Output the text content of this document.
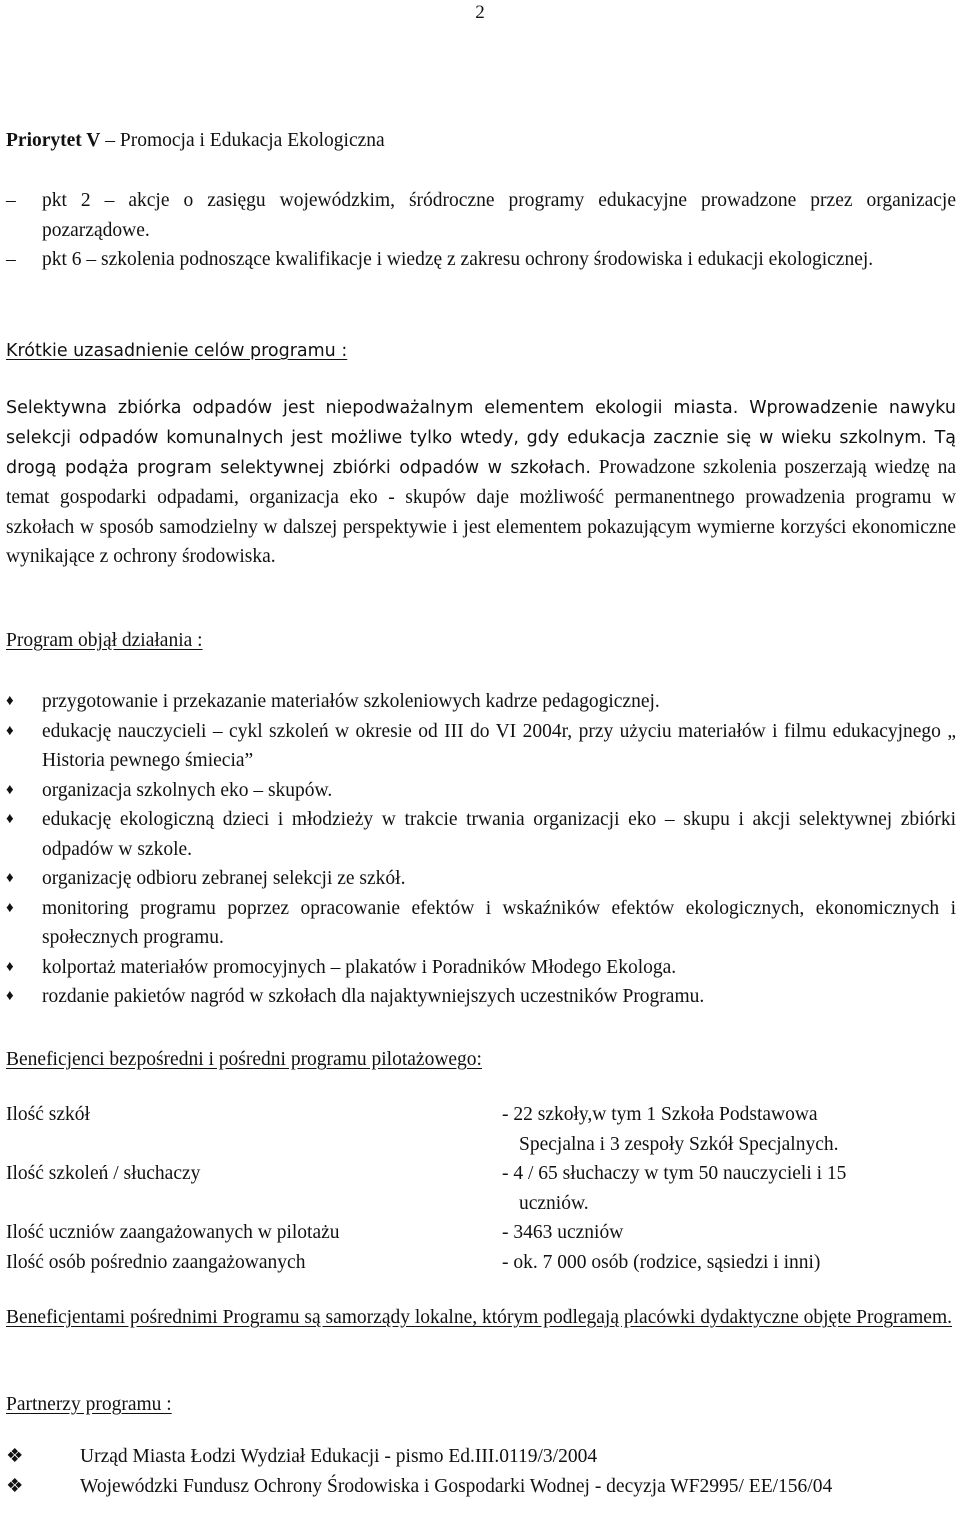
2
Priorytet V – Promocja i Edukacja Ekologiczna
– pkt 2 – akcje o zasięgu wojewódzkim, śródroczne programy edukacyjne prowadzone przez organizacje pozarządowe.
– pkt 6 – szkolenia podnoszące kwalifikacje i wiedzę z zakresu ochrony środowiska i edukacji ekologicznej.
Krótkie uzasadnienie celów programu :

Selektywna zbiórka odpadów jest niepodważalnym elementem ekologii miasta. Wprowadzenie nawyku selekcji odpadów komunalnych jest możliwe tylko wtedy, gdy edukacja zacznie się w wieku szkolnym. Tą drogą podąża program selektywnej zbiórki odpadów w szkołach. Prowadzone szkolenia poszerzają wiedzę na temat gospodarki odpadami, organizacja eko - skupów daje możliwość permanentnego prowadzenia programu w szkołach w sposób samodzielny w dalszej perspektywie i jest elementem pokazującym wymierne korzyści ekonomiczne wynikające z ochrony środowiska.

Program objął działania :
♦ przygotowanie i przekazanie materiałów szkoleniowych kadrze pedagogicznej.
♦ edukację nauczycieli – cykl szkoleń w okresie od III do VI 2004r, przy użyciu materiałów i filmu edukacyjnego „ Historia pewnego śmiecia”
♦ organizacja szkolnych eko – skupów.
♦ edukację ekologiczną dzieci i młodzieży w trakcie trwania organizacji eko – skupu i akcji selektywnej zbiórki odpadów w szkole.
♦ organizację odbioru zebranej selekcji ze szkół.
♦ monitoring programu poprzez opracowanie efektów i wskaźników efektów ekologicznych, ekonomicznych i społecznych programu.
♦ kolportaż materiałów promocyjnych – plakatów i Poradników Młodego Ekologa.
♦ rozdanie pakietów nagród w szkołach dla najaktywniejszych uczestników Programu.
Beneficjenci bezpośredni i pośredni programu pilotażowego:
Ilość szkół	- 22 szkoły,w tym 1 Szkoła Podstawowa
Specjalna i 3 zespoły Szkół Specjalnych.
Ilość szkoleń / słuchaczy	- 4 / 65 słuchaczy w tym 50 nauczycieli i 15
uczniów.
Ilość uczniów zaangażowanych w pilotażu	- 3463 uczniów
Ilość osób pośrednio zaangażowanych	- ok. 7 000 osób (rodzice, sąsiedzi i inni)
Beneficjentami pośrednimi Programu są samorządy lokalne, którym podlegają placówki dydaktyczne objęte Programem.
Partnerzy programu :
❖	Urząd Miasta Łodzi Wydział Edukacji - pismo Ed.III.0119/3/2004
❖	Wojewódzki Fundusz Ochrony Środowiska i Gospodarki Wodnej - decyzja WF2995/ EE/156/04
